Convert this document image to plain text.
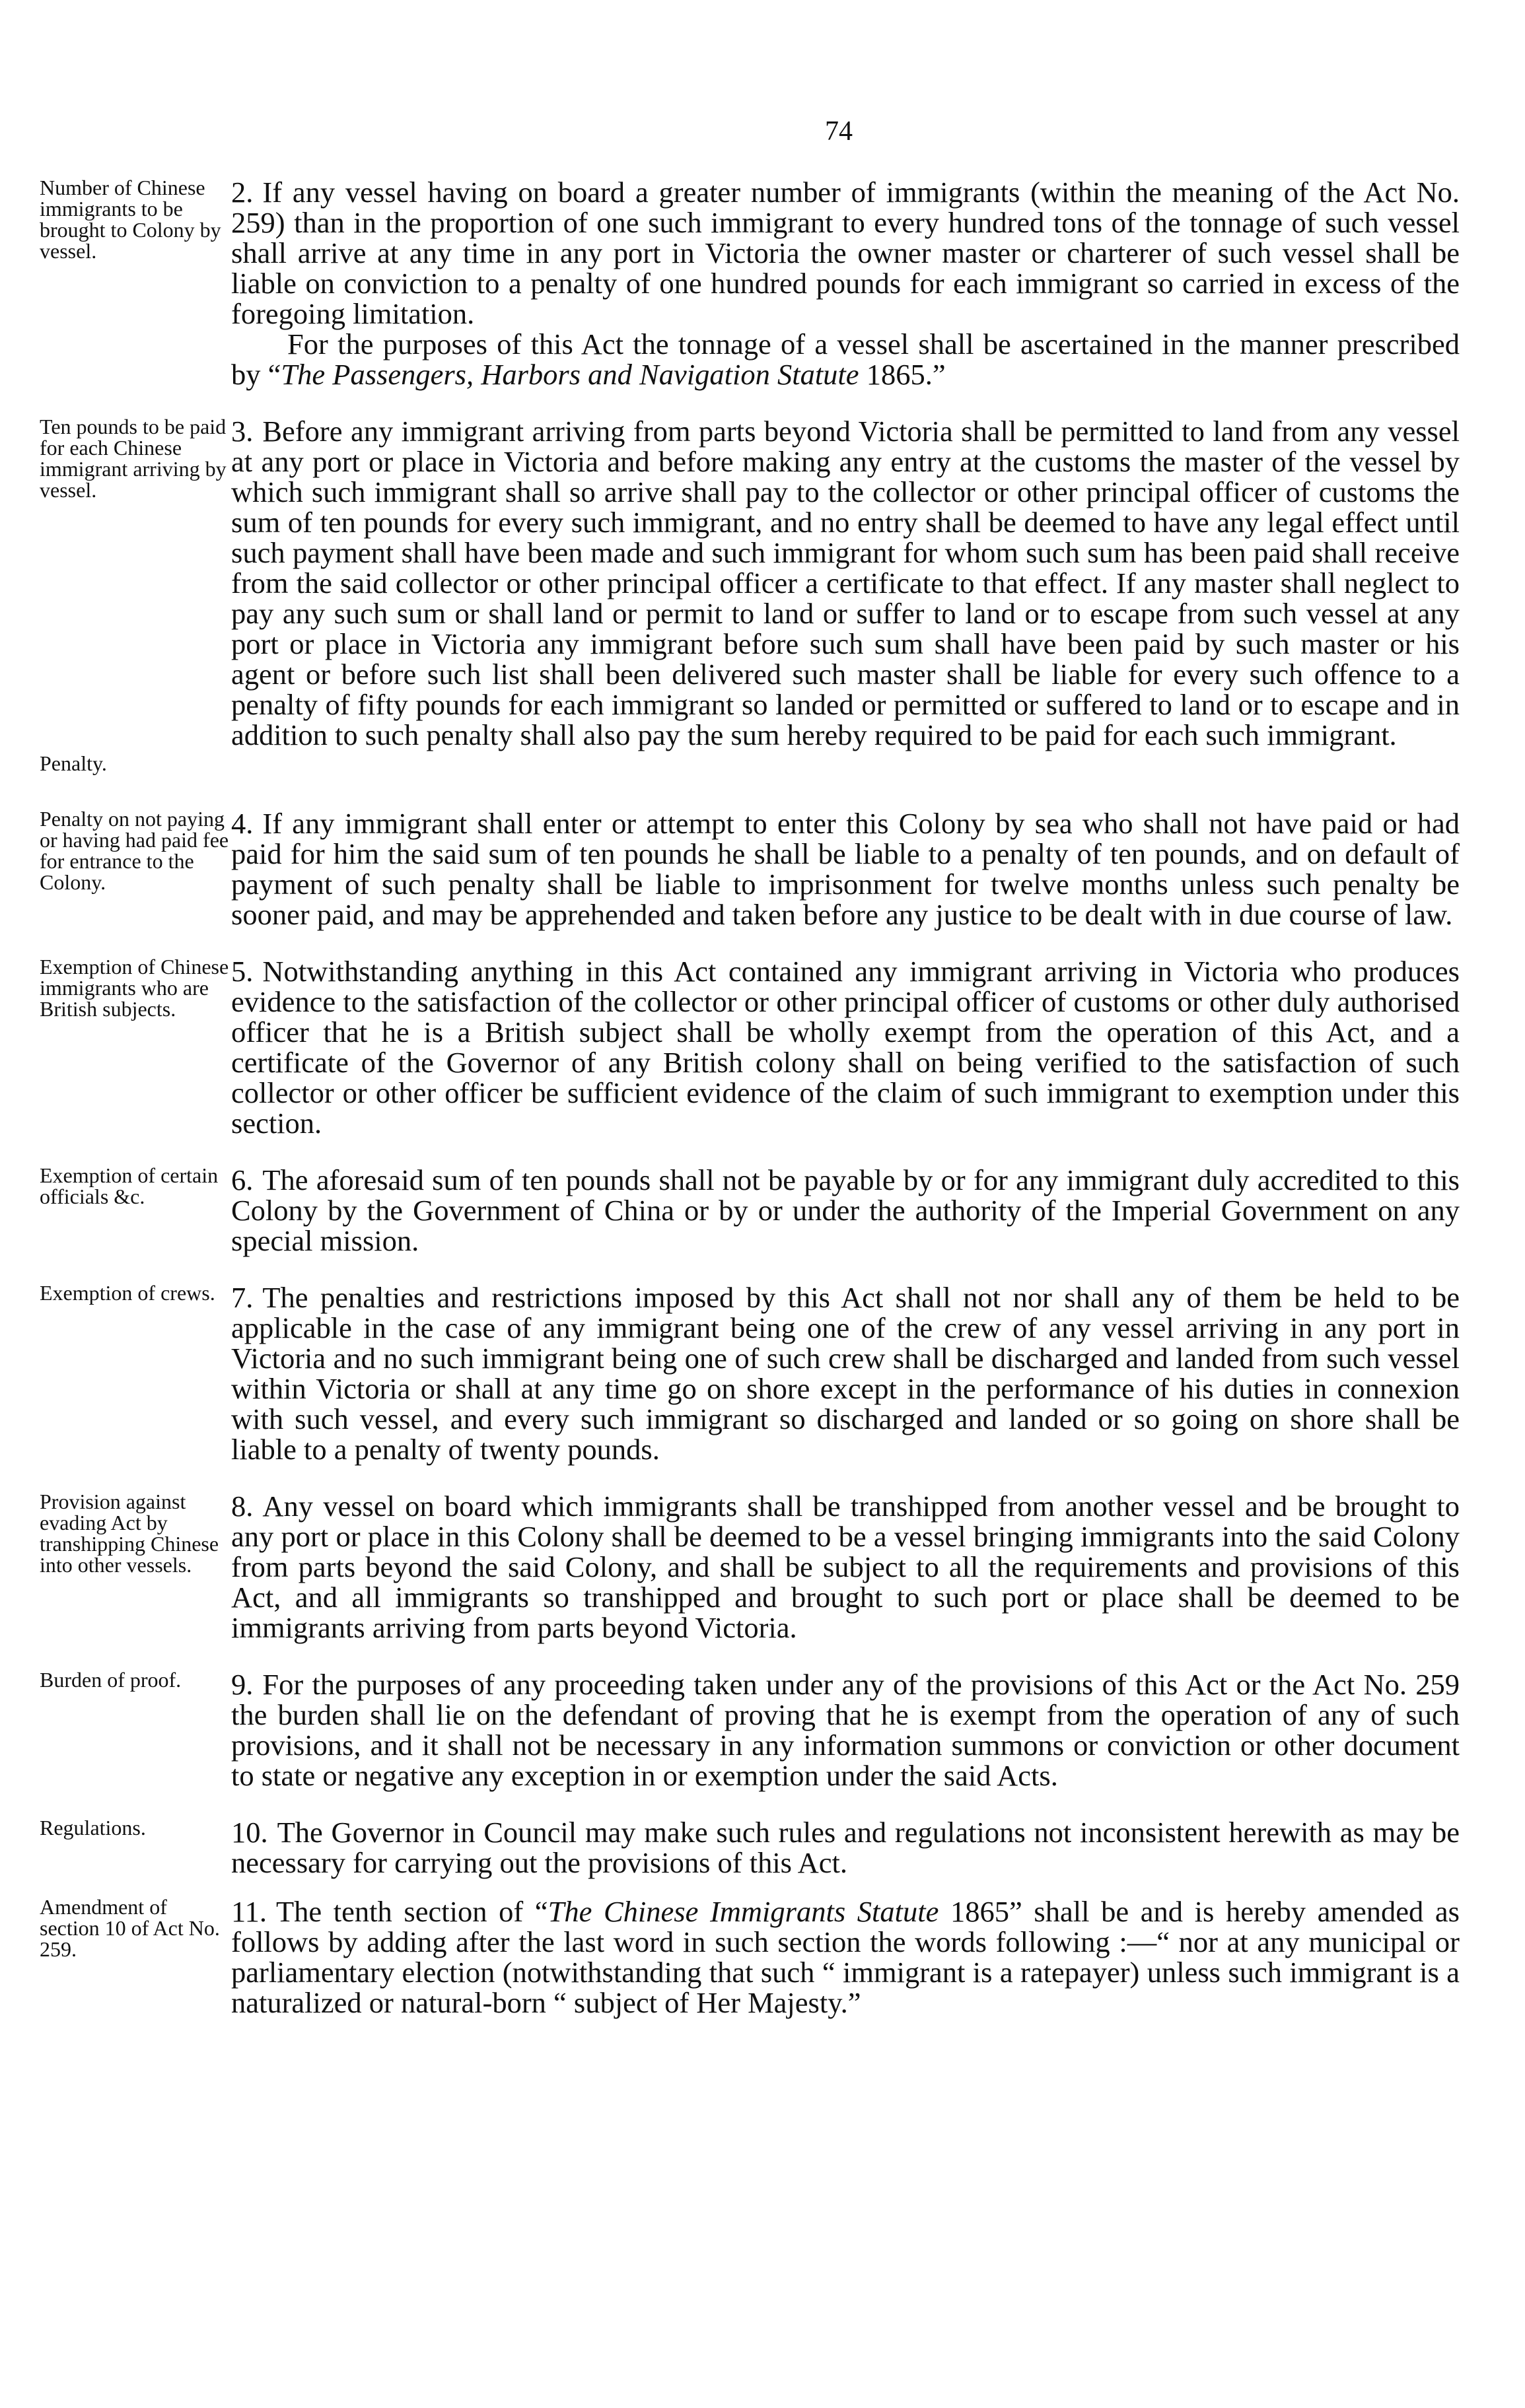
74
Number of Chinese immigrants to be brought to Colony by vessel.

2. If any vessel having on board a greater number of immigrants (within the meaning of the Act No. 259) than in the proportion of one such immigrant to every hundred tons of the tonnage of such vessel shall arrive at any time in any port in Victoria the owner master or charterer of such vessel shall be liable on conviction to a penalty of one hundred pounds for each immigrant so carried in excess of the foregoing limitation.

For the purposes of this Act the tonnage of a vessel shall be ascertained in the manner prescribed by “The Passengers, Harbors and Navigation Statute 1865.”

Ten pounds to be paid for each Chinese immigrant arriving by vessel.
Penalty.

3. Before any immigrant arriving from parts beyond Victoria shall be permitted to land from any vessel at any port or place in Victoria and before making any entry at the customs the master of the vessel by which such immigrant shall so arrive shall pay to the collector or other principal officer of customs the sum of ten pounds for every such immigrant, and no entry shall be deemed to have any legal effect until such payment shall have been made and such immigrant for whom such sum has been paid shall receive from the said collector or other principal officer a certificate to that effect. If any master shall neglect to pay any such sum or shall land or permit to land or suffer to land or to escape from such vessel at any port or place in Victoria any immigrant before such sum shall have been paid by such master or his agent or before such list shall been delivered such master shall be liable for every such offence to a penalty of fifty pounds for each immigrant so landed or permitted or suffered to land or to escape and in addition to such penalty shall also pay the sum hereby required to be paid for each such immigrant.

Penalty on not paying or having had paid fee for entrance to the Colony.

4. If any immigrant shall enter or attempt to enter this Colony by sea who shall not have paid or had paid for him the said sum of ten pounds he shall be liable to a penalty of ten pounds, and on default of payment of such penalty shall be liable to imprisonment for twelve months unless such penalty be sooner paid, and may be apprehended and taken before any justice to be dealt with in due course of law.

Exemption of Chinese immigrants who are British subjects.

5. Notwithstanding anything in this Act contained any immigrant arriving in Victoria who produces evidence to the satisfaction of the collector or other principal officer of customs or other duly authorised officer that he is a British subject shall be wholly exempt from the operation of this Act, and a certificate of the Governor of any British colony shall on being verified to the satisfaction of such collector or other officer be sufficient evidence of the claim of such immigrant to exemption under this section.

Exemption of certain officials &c.	6. The aforesaid sum of ten pounds shall not be payable by or for any immigrant duly accredited to this Colony by the Government of China or by or under the authority of the Imperial Government on any special mission.

Exemption of crews. 7. The penalties and restrictions imposed by this Act shall not nor shall any of them be held to be applicable in the case of any immigrant being one of the crew of any vessel arriving in any port in Victoria and no such immigrant being one of such crew shall be discharged and landed from such vessel within Victoria or shall at any time go on shore except in the performance of his duties in connexion with such vessel, and every such immigrant so discharged and landed or so going on shore shall be liable to a penalty of twenty pounds.

Provision against evading Act by transhipping Chinese into other vessels.

8. Any vessel on board which immigrants shall be transhipped from another vessel and be brought to any port or place in this Colony shall be deemed to be a vessel bringing immigrants into the said Colony from parts beyond the said Colony, and shall be subject to all the requirements and provisions of this Act, and all immigrants so transhipped and brought to such port or place shall be deemed to be immigrants arriving from parts beyond Victoria.

Burden of proof.	9. For the purposes of any proceeding taken under any of the provisions of this Act or the Act No. 259 the burden shall lie on the defendant of proving that he is exempt from the operation of any of such provisions, and it shall not be necessary in any information summons or conviction or other document to state or negative any exception in or exemption under the said Acts.

Regulations.	10. The Governor in Council may make such rules and regulations not inconsistent herewith as may be necessary for carrying out the provisions of this Act.

Amendment of section 10 of Act No. 259.

11. The tenth section of “The Chinese Immigrants Statute 1865” shall be and is hereby amended as follows by adding after the last word in such section the words following :—“ nor at any municipal or parliamentary election (notwithstanding that such “ immigrant is a ratepayer) unless such immigrant is a naturalized or natural-born “ subject of Her Majesty.”
